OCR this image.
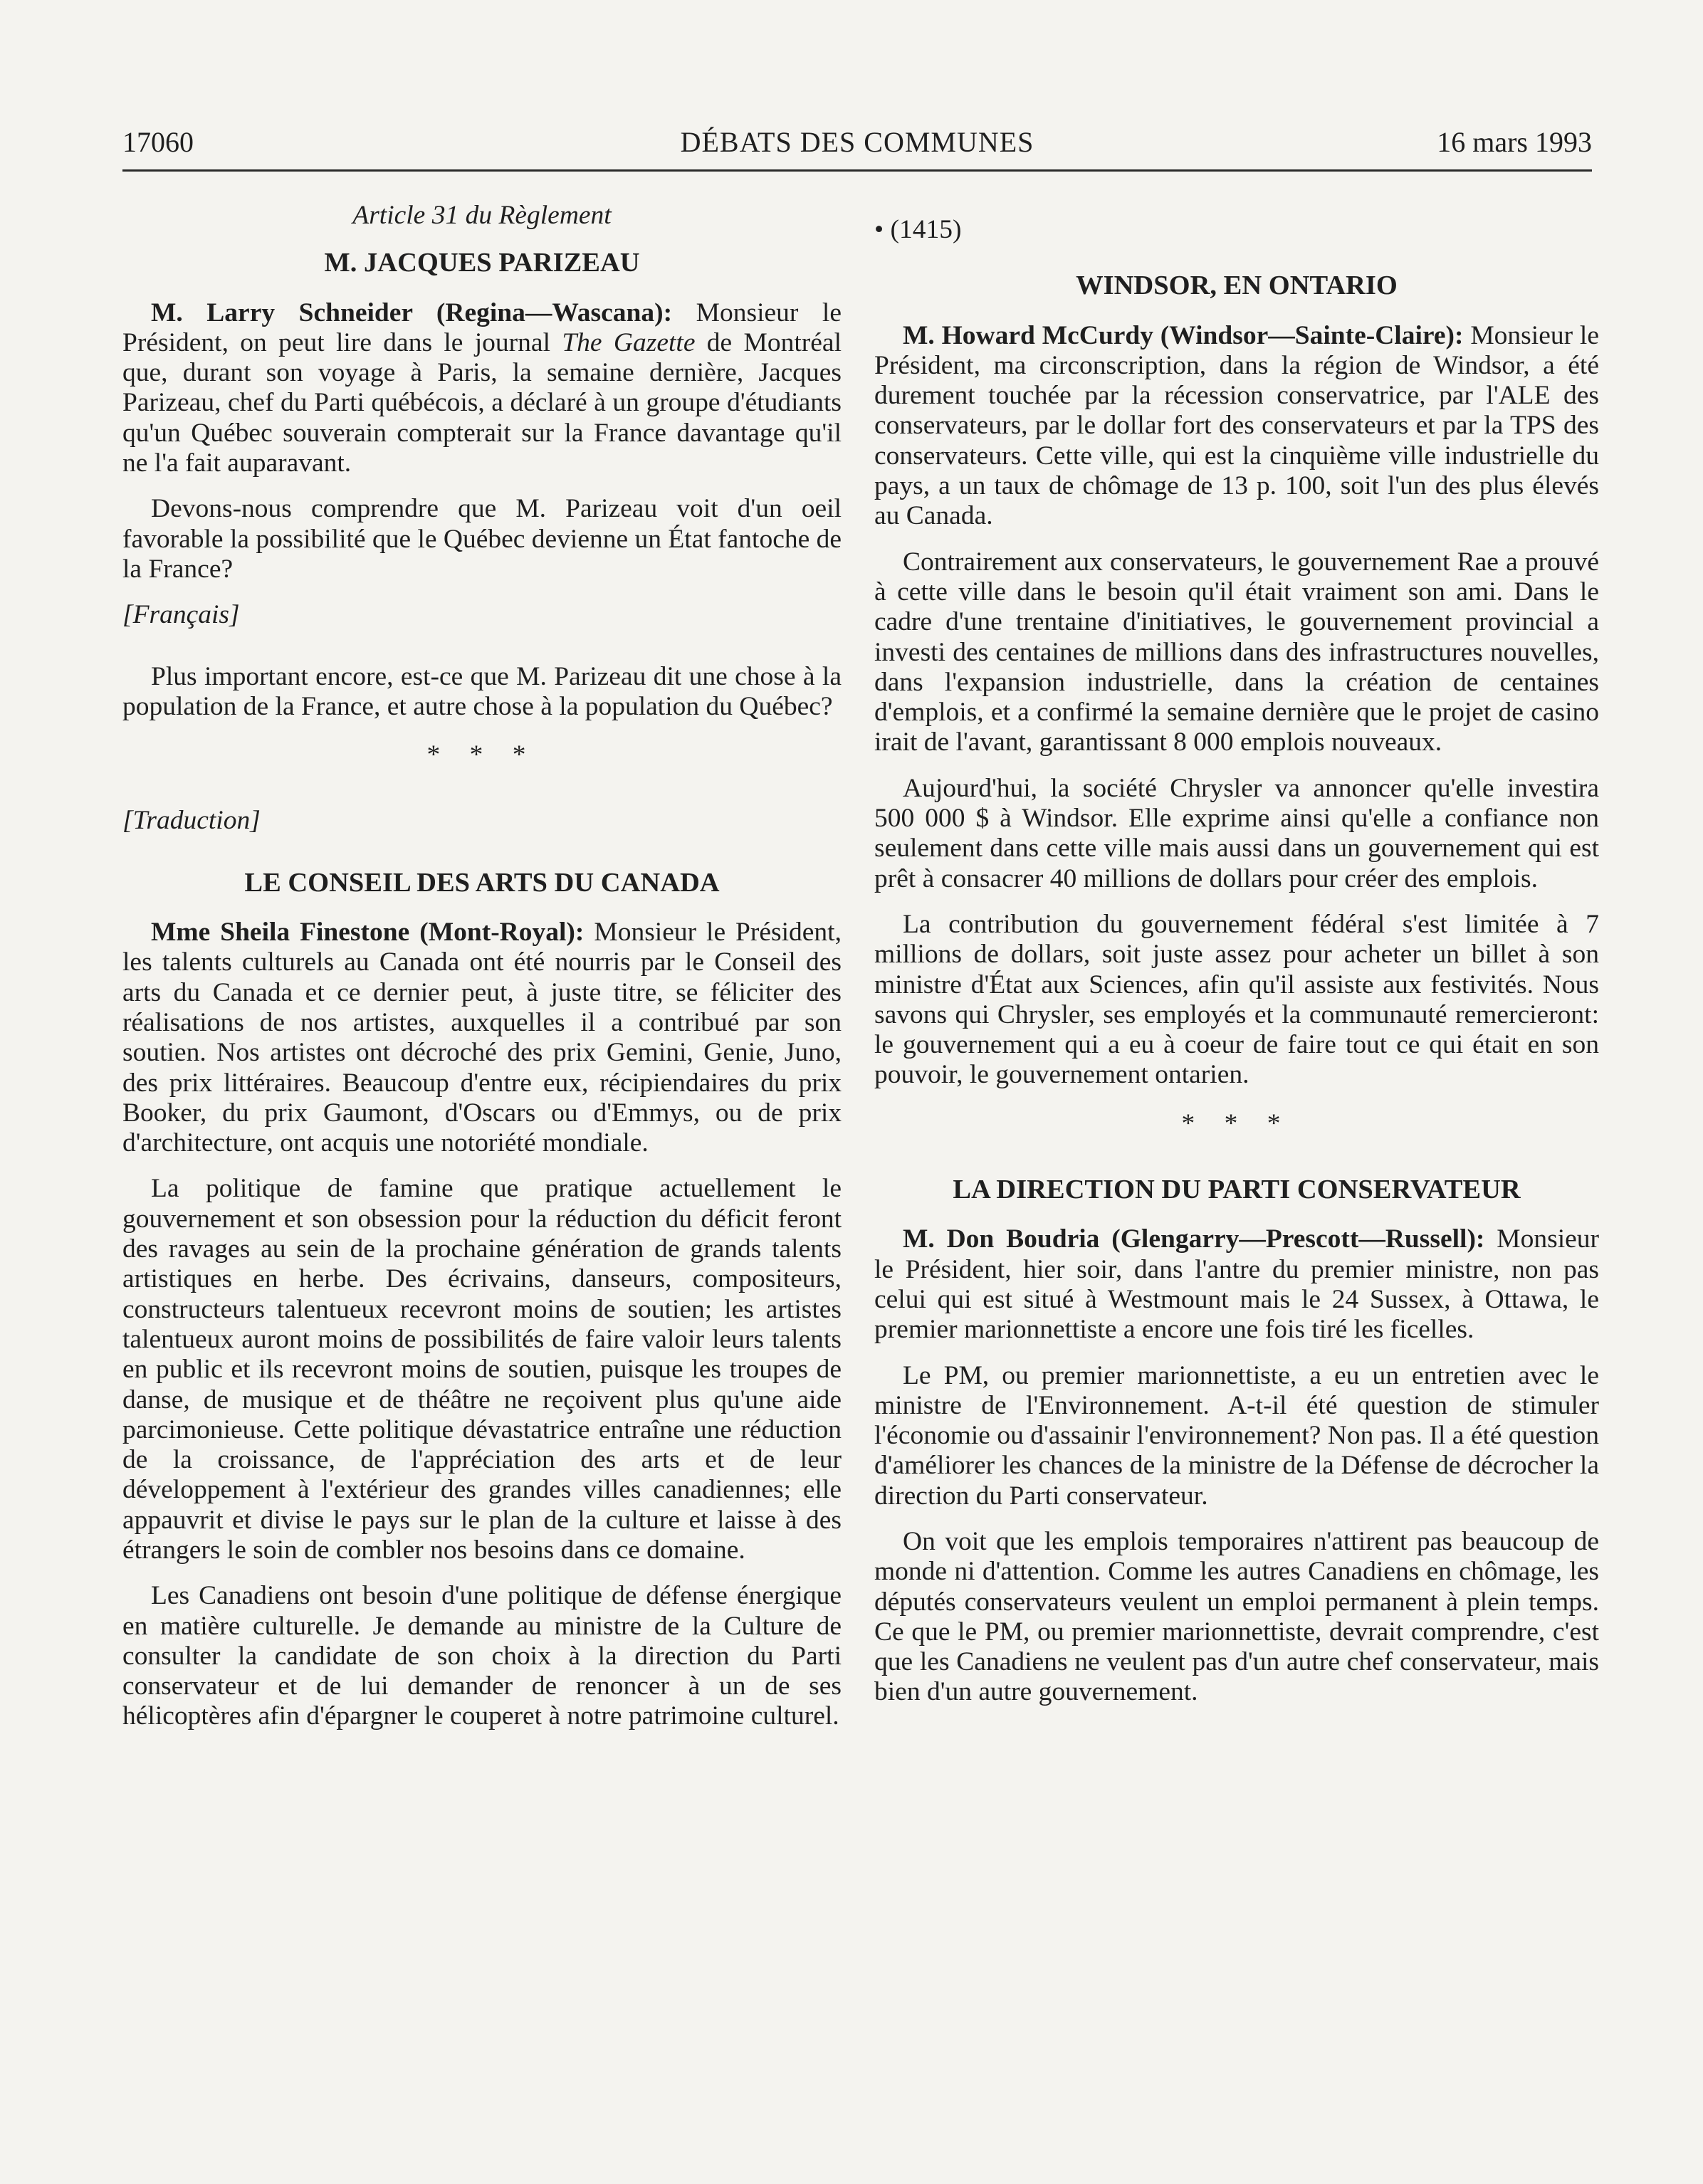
17060	DÉBATS DES COMMUNES	16 mars 1993
Article 31 du Règlement
M. JACQUES PARIZEAU

M. Larry Schneider (Regina—Wascana): Monsieur le Président, on peut lire dans le journal The Gazette de Montréal que, durant son voyage à Paris, la semaine dernière, Jacques Parizeau, chef du Parti québécois, a déclaré à un groupe d'étudiants qu'un Québec souverain compterait sur la France davantage qu'il ne l'a fait auparavant.

Devons-nous comprendre que M. Parizeau voit d'un oeil favorable la possibilité que le Québec devienne un État fantoche de la France?

[Français]

Plus important encore, est-ce que M. Parizeau dit une chose à la population de la France, et autre chose à la population du Québec?

* * *
[Traduction]
LE CONSEIL DES ARTS DU CANADA

Mme Sheila Finestone (Mont-Royal): Monsieur le Président, les talents culturels au Canada ont été nourris par le Conseil des arts du Canada et ce dernier peut, à juste titre, se féliciter des réalisations de nos artistes, auxquelles il a contribué par son soutien. Nos artistes ont décroché des prix Gemini, Genie, Juno, des prix littéraires. Beaucoup d'entre eux, récipiendaires du prix Booker, du prix Gaumont, d'Oscars ou d'Emmys, ou de prix d'architecture, ont acquis une notoriété mondiale.

La politique de famine que pratique actuellement le gouvernement et son obsession pour la réduction du déficit feront des ravages au sein de la prochaine génération de grands talents artistiques en herbe. Des écrivains, danseurs, compositeurs, constructeurs talentueux recevront moins de soutien; les artistes talentueux auront moins de possibilités de faire valoir leurs talents en public et ils recevront moins de soutien, puisque les troupes de danse, de musique et de théâtre ne reçoivent plus qu'une aide parcimonieuse. Cette politique dévastatrice entraîne une réduction de la croissance, de l'appréciation des arts et de leur développement à l'extérieur des grandes villes canadiennes; elle appauvrit et divise le pays sur le plan de la culture et laisse à des étrangers le soin de combler nos besoins dans ce domaine.

Les Canadiens ont besoin d'une politique de défense énergique en matière culturelle. Je demande au ministre de la Culture de consulter la candidate de son choix à la direction du Parti conservateur et de lui demander de renoncer à un de ses hélicoptères afin d'épargner le couperet à notre patrimoine culturel.

• (1415)
WINDSOR, EN ONTARIO

M. Howard McCurdy (Windsor—Sainte-Claire): Monsieur le Président, ma circonscription, dans la région de Windsor, a été durement touchée par la récession conservatrice, par l'ALE des conservateurs, par le dollar fort des conservateurs et par la TPS des conservateurs. Cette ville, qui est la cinquième ville industrielle du pays, a un taux de chômage de 13 p. 100, soit l'un des plus élevés au Canada.

Contrairement aux conservateurs, le gouvernement Rae a prouvé à cette ville dans le besoin qu'il était vraiment son ami. Dans le cadre d'une trentaine d'initiatives, le gouvernement provincial a investi des centaines de millions dans des infrastructures nouvelles, dans l'expansion industrielle, dans la création de centaines d'emplois, et a confirmé la semaine dernière que le projet de casino irait de l'avant, garantissant 8 000 emplois nouveaux.

Aujourd'hui, la société Chrysler va annoncer qu'elle investira 500 000 $ à Windsor. Elle exprime ainsi qu'elle a confiance non seulement dans cette ville mais aussi dans un gouvernement qui est prêt à consacrer 40 millions de dollars pour créer des emplois.

La contribution du gouvernement fédéral s'est limitée à 7 millions de dollars, soit juste assez pour acheter un billet à son ministre d'État aux Sciences, afin qu'il assiste aux festivités. Nous savons qui Chrysler, ses employés et la communauté remercieront: le gouvernement qui a eu à coeur de faire tout ce qui était en son pouvoir, le gouvernement ontarien.

* * *
LA DIRECTION DU PARTI CONSERVATEUR

M. Don Boudria (Glengarry—Prescott—Russell): Monsieur le Président, hier soir, dans l'antre du premier ministre, non pas celui qui est situé à Westmount mais le 24 Sussex, à Ottawa, le premier marionnettiste a encore une fois tiré les ficelles.

Le PM, ou premier marionnettiste, a eu un entretien avec le ministre de l'Environnement. A-t-il été question de stimuler l'économie ou d'assainir l'environnement? Non pas. Il a été question d'améliorer les chances de la ministre de la Défense de décrocher la direction du Parti conservateur.

On voit que les emplois temporaires n'attirent pas beaucoup de monde ni d'attention. Comme les autres Canadiens en chômage, les députés conservateurs veulent un emploi permanent à plein temps. Ce que le PM, ou premier marionnettiste, devrait comprendre, c'est que les Canadiens ne veulent pas d'un autre chef conservateur, mais bien d'un autre gouvernement.
